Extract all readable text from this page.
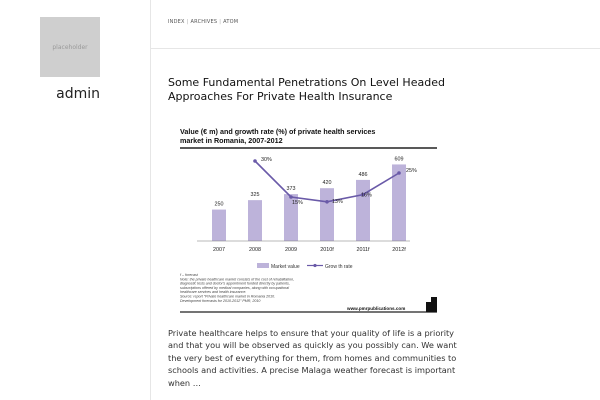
placeholder
admin
INDEX | ARCHIVES | ATOM
Some Fundamental Penetrations On Level Headed Approaches For Private Health Insurance
Value (€ m) and growth rate (%) of private health services
market in Romania, 2007-2012
250
325
373
420
486
609
2007	2008	2009	2010f	2011f	2012f
30%
15%	13%
16%
25%
Market value	Grow th rate
f – forecast
Note: the private healthcare market consists of the cost of rehabilitation,
diagnostic tests and doctor's appointment funded directly by patients,
subscriptions offered by medical companies, along with occupational
healthcare services and health insurance.
Source: report "Private healthcare market in Romania 2010.
Development forecasts for 2010-2012" PMR, 2010
www.pmrpublications.com
Private healthcare helps to ensure that your quality of life is a priority and that you will be observed as quickly as you possibly can. We want the very best of everything for them, from homes and communities to schools and activities. A precise Malaga weather forecast is important when …
